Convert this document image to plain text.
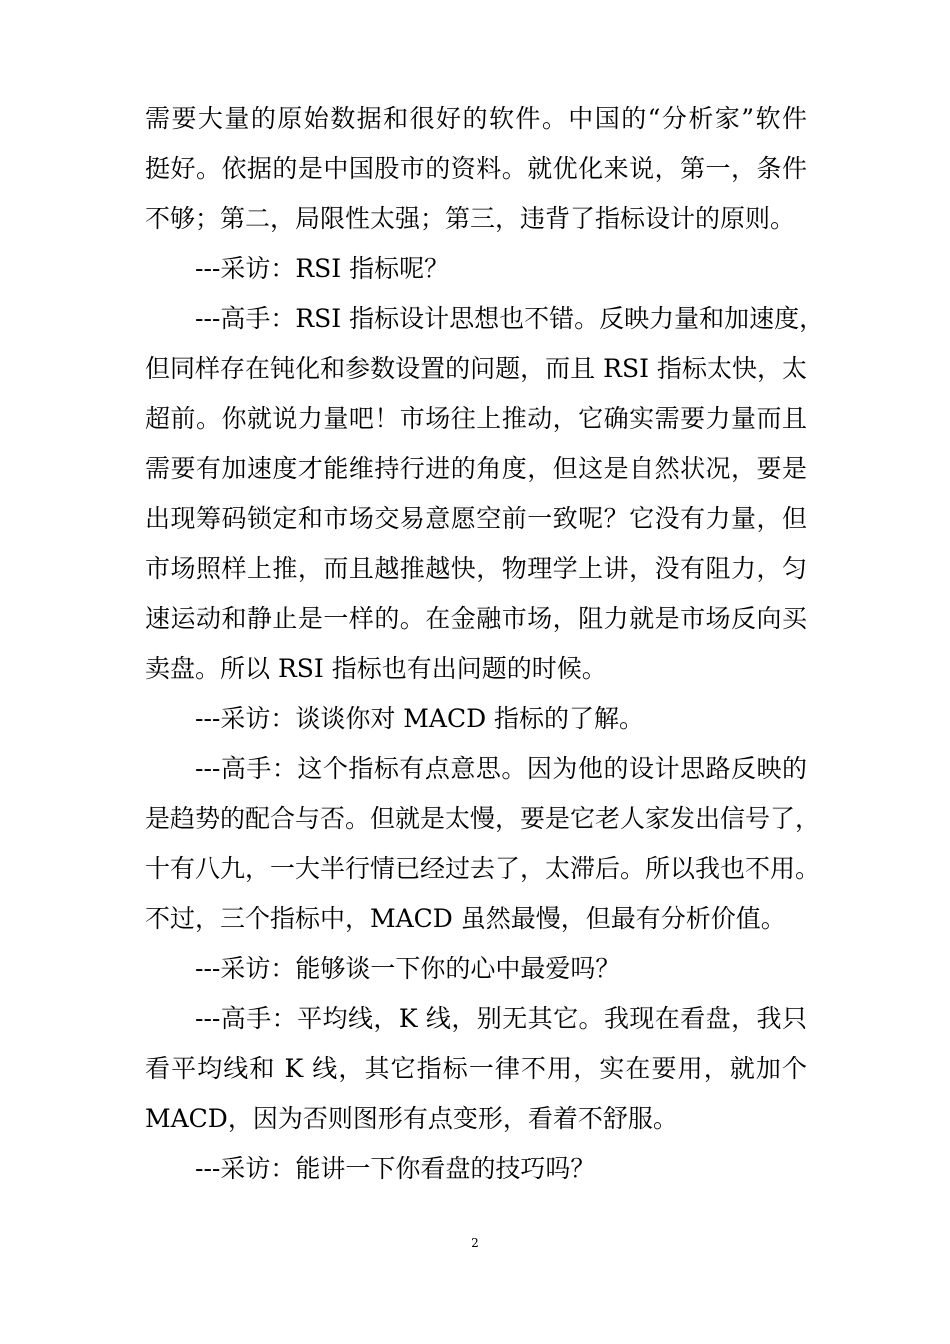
需要大量的原始数据和很好的软件。中国的“分析家”软件
挺好。依据的是中国股市的资料。就优化来说，第一，条件
不够；第二，局限性太强；第三，违背了指标设计的原则。
---采访：RSI 指标呢？
---高手：RSI 指标设计思想也不错。反映力量和加速度，
但同样存在钝化和参数设置的问题，而且 RSI 指标太快，太
超前。你就说力量吧！市场往上推动，它确实需要力量而且
需要有加速度才能维持行进的角度，但这是自然状况，要是
出现筹码锁定和市场交易意愿空前一致呢？它没有力量，但
市场照样上推，而且越推越快，物理学上讲，没有阻力，匀
速运动和静止是一样的。在金融市场，阻力就是市场反向买
卖盘。所以 RSI 指标也有出问题的时候。
---采访：谈谈你对 MACD 指标的了解。
---高手：这个指标有点意思。因为他的设计思路反映的
是趋势的配合与否。但就是太慢，要是它老人家发出信号了，
十有八九，一大半行情已经过去了，太滞后。所以我也不用。
不过，三个指标中，MACD 虽然最慢，但最有分析价值。
---采访：能够谈一下你的心中最爱吗？
---高手：平均线，K 线，别无其它。我现在看盘，我只
看平均线和 K 线，其它指标一律不用，实在要用，就加个
MACD，因为否则图形有点变形，看着不舒服。
---采访：能讲一下你看盘的技巧吗？
2
